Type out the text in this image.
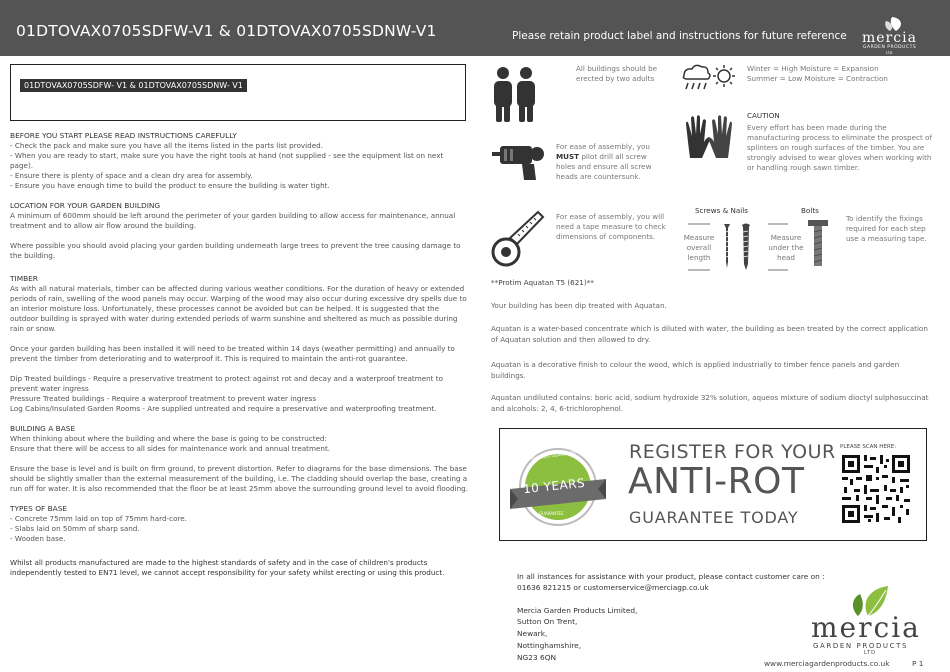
01DTOVAX0705SDFW-V1 & 01DTOVAX0705SDNW-V1	Please retain product label and instructions for future reference mercia
GARDEN PRODUCTS
LTD
01DTOVAX0705SDFW- V1 & 01DTOVAX0705SDNW- V1
BEFORE YOU START PLEASE READ INSTRUCTIONS CAREFULLY

- Check the pack and make sure you have all the items listed in the parts list provided.

- When you are ready to start, make sure you have the right tools at hand (not supplied - see the equipment list on next page).

- Ensure there is plenty of space and a clean dry area for assembly.

- Ensure you have enough time to build the product to ensure the building is water tight.

LOCATION FOR YOUR GARDEN BUILDING

A minimum of 600mm should be left around the perimeter of your garden building to allow access for maintenance, annual treatment and to allow air flow around the building.

Where possible you should avoid placing your garden building underneath large trees to prevent the tree causing damage to the building.

TIMBER

As with all natural materials, timber can be affected during various weather conditions. For the duration of heavy or extended periods of rain, swelling of the wood panels may occur. Warping of the wood may also occur during excessive dry spells due to an interior moisture loss. Unfortunately, these processes cannot be avoided but can be helped. It is suggested that the outdoor building is sprayed with water during extended periods of warm sunshine and sheltered as much as possible during rain or snow.

Once your garden building has been installed it will need to be treated within 14 days (weather permitting) and annually to prevent the timber from deteriorating and to waterproof it. This is required to maintain the anti-rot guarantee.

Dip Treated buildings - Require a preservative treatment to protect against rot and decay and a waterproof treatment to prevent water ingress

Pressure Treated buildings - Require a waterproof treatment to prevent water ingress

Log Cabins/Insulated Garden Rooms - Are supplied untreated and require a preservative and waterproofing treatment.

BUILDING A BASE

When thinking about where the building and where the base is going to be constructed:

Ensure that there will be access to all sides for maintenance work and annual treatment.

Ensure the base is level and is built on firm ground, to prevent distortion. Refer to diagrams for the base dimensions. The base should be slightly smaller than the external measurement of the building, i.e. The cladding should overlap the base, creating a run off for water. It is also recommended that the floor be at least 25mm above the surrounding ground level to avoid flooding.

TYPES OF BASE

- Concrete 75mm laid on top of 75mm hard-core.

- Slabs laid on 50mm of sharp sand.

- Wooden base.

Whilst all products manufactured are made to the highest standards of safety and in the case of children's products independently tested to EN71 level, we cannot accept responsibility for your safety whilst erecting or using this product.

All buildings should be erected by two adults
Winter = High Moisture = Expansion
Summer = Low Moisture = Contraction
CAUTION
Every effort has been made during the manufacturing process to eliminate the prospect of splinters on rough surfaces of the timber. You are strongly advised to wear gloves when working with or handling rough sawn timber.
For ease of assembly, you
MUST pilot drill all screw holes and ensure all screw heads are countersunk.
For ease of assembly, you will need a tape measure to check dimensions of components.
Screws & Nails	Bolts
Measure overall length
Measure under the head
To identify the fixings required for each step use a measuring tape.
**Protim Aquatan T5 (621)**
Your building has been dip treated with Aquatan.
Aquatan is a water-based concentrate which is diluted with water, the building as been treated by the correct application of Aquatan solution and then allowed to dry.
Aquatan is a decorative finish to colour the wood, which is applied industrially to timber fence panels and garden buildings.
Aquatan undiluted contains: boric acid, sodium hydroxide 32% solution, aqueos mixture of sodium dioctyl sulphosuccinat and alcohols: 2, 4, 6-trichlorophenol.
ANTI-ROT GUARANTEE
10 YEARS
GUARANTEE
REGISTER FOR YOUR
ANTI-ROT
GUARANTEE TODAY
PLEASE SCAN HERE:
In all instances for assistance with your product, please contact customer care on :
01636 821215 or customerservice@merciagp.co.uk
Mercia Garden Products Limited,
Sutton On Trent,
Newark,
Nottinghamshire,
NG23 6QN
mercia
GARDEN PRODUCTS
LTD
www.merciagardenproducts.co.uk	P 1
